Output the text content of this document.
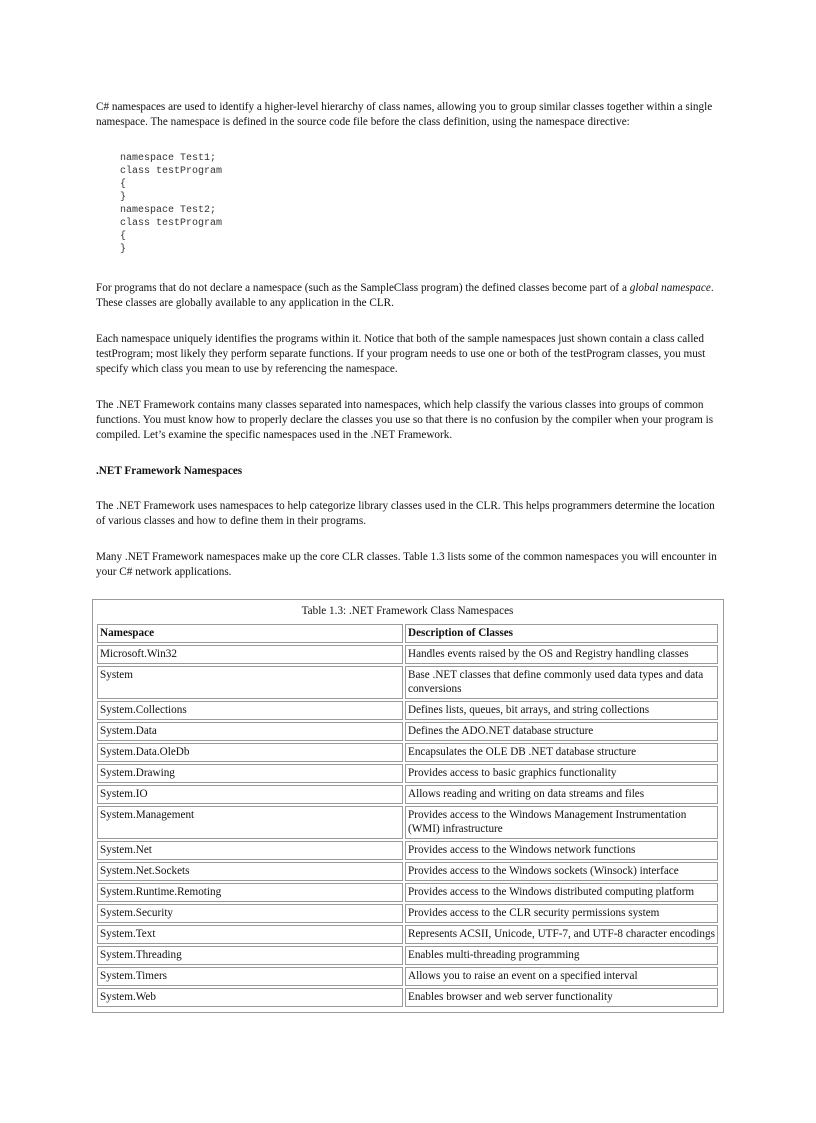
C# namespaces are used to identify a higher-level hierarchy of class names, allowing you to group similar classes together within a single namespace. The namespace is defined in the source code file before the class definition, using the namespace directive:

namespace Test1;
class testProgram
{
}
namespace Test2;
class testProgram
{
}

For programs that do not declare a namespace (such as the SampleClass program) the defined classes become part of a global namespace. These classes are globally available to any application in the CLR.

Each namespace uniquely identifies the programs within it. Notice that both of the sample namespaces just shown contain a class called testProgram; most likely they perform separate functions. If your program needs to use one or both of the testProgram classes, you must specify which class you mean to use by referencing the namespace.

The .NET Framework contains many classes separated into namespaces, which help classify the various classes into groups of common functions. You must know how to properly declare the classes you use so that there is no confusion by the compiler when your program is compiled. Let’s examine the specific namespaces used in the .NET Framework.

.NET Framework Namespaces

The .NET Framework uses namespaces to help categorize library classes used in the CLR. This helps programmers determine the location of various classes and how to define them in their programs.

Many .NET Framework namespaces make up the core CLR classes. Table 1.3 lists some of the common namespaces you will encounter in your C# network applications.

Table 1.3: .NET Framework Class Namespaces
Namespace	Description of Classes
Microsoft.Win32	Handles events raised by the OS and Registry handling classes
System	Base .NET classes that define commonly used data types and data conversions
System.Collections	Defines lists, queues, bit arrays, and string collections
System.Data	Defines the ADO.NET database structure
System.Data.OleDb	Encapsulates the OLE DB .NET database structure
System.Drawing	Provides access to basic graphics functionality
System.IO	Allows reading and writing on data streams and files
System.Management	Provides access to the Windows Management Instrumentation (WMI) infrastructure
System.Net	Provides access to the Windows network functions
System.Net.Sockets	Provides access to the Windows sockets (Winsock) interface
System.Runtime.Remoting	Provides access to the Windows distributed computing platform
System.Security	Provides access to the CLR security permissions system
System.Text	Represents ACSII, Unicode, UTF-7, and UTF-8 character encodings
System.Threading	Enables multi-threading programming
System.Timers	Allows you to raise an event on a specified interval
System.Web	Enables browser and web server functionality
